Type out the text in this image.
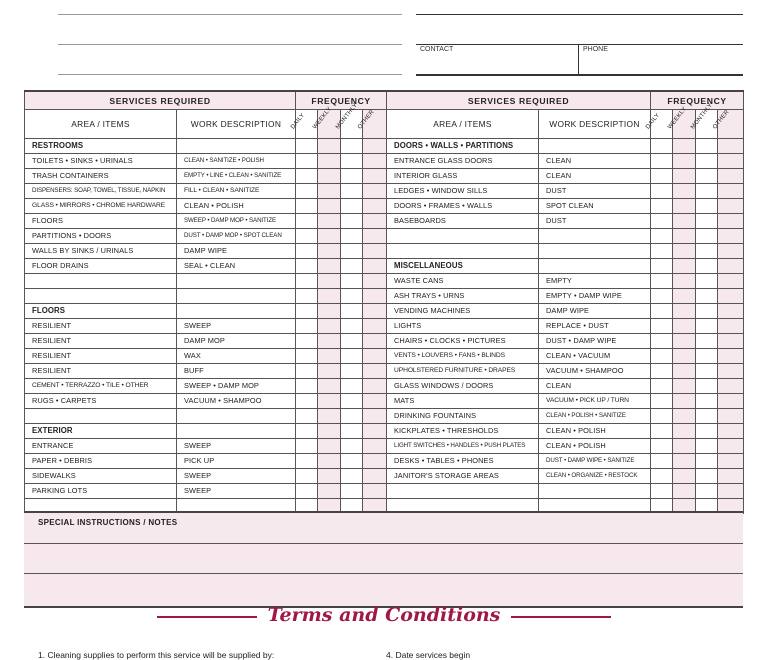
CONTACT	PHONE
SERVICES REQUIRED		FREQUENCY			
AREA / ITEMS	WORK DESCRIPTION	DAILY	WEEKLY	MONTHLY	OTHER

RESTROOMS					
TOILETS • SINKS • URINALS	CLEAN • SANITIZE • POLISH				
TRASH CONTAINERS	EMPTY • LINE • CLEAN • SANITIZE				
DISPENSERS: SOAP, TOWEL, TISSUE, NAPKIN	FILL • CLEAN • SANITIZE				
GLASS • MIRRORS • CHROME HARDWARE	CLEAN • POLISH				
FLOORS	SWEEP • DAMP MOP • SANITIZE				
PARTITIONS • DOORS	DUST • DAMP MOP • SPOT CLEAN				
WALLS BY SINKS / URINALS	DAMP WIPE				
FLOOR DRAINS	SEAL • CLEAN				

FLOORS					
RESILIENT	SWEEP				
RESILIENT	DAMP MOP				
RESILIENT	WAX				
RESILIENT	BUFF				
CEMENT • TERRAZZO • TILE • OTHER	SWEEP • DAMP MOP				
RUGS • CARPETS	VACUUM • SHAMPOO				

EXTERIOR					
ENTRANCE	SWEEP				
PAPER • DEBRIS	PICK UP				
SIDEWALKS	SWEEP				
PARKING LOTS	SWEEP				

SERVICES REQUIRED		FREQUENCY			
AREA / ITEMS	WORK DESCRIPTION	DAILY	WEEKLY	MONTHLY	OTHER

DOORS • WALLS • PARTITIONS					
ENTRANCE GLASS DOORS	CLEAN				
INTERIOR GLASS	CLEAN				
LEDGES • WINDOW SILLS	DUST				
DOORS • FRAMES • WALLS	SPOT CLEAN				
BASEBOARDS	DUST				

MISCELLANEOUS					
WASTE CANS	EMPTY				
ASH TRAYS • URNS	EMPTY • DAMP WIPE				
VENDING MACHINES	DAMP WIPE				
LIGHTS	REPLACE • DUST				
CHAIRS • CLOCKS • PICTURES	DUST • DAMP WIPE				
VENTS • LOUVERS • FANS • BLINDS	CLEAN • VACUUM				
UPHOLSTERED FURNITURE • DRAPES	VACUUM • SHAMPOO				
GLASS WINDOWS / DOORS	CLEAN				
MATS	VACUUM • PICK UP / TURN				
DRINKING FOUNTAINS	CLEAN • POLISH • SANITIZE				
KICKPLATES • THRESHOLDS	CLEAN • POLISH				
LIGHT SWITCHES • HANDLES • PUSH PLATES	CLEAN • POLISH				
DESKS • TABLES • PHONES	DUST • DAMP WIPE • SANITIZE				
JANITOR'S STORAGE AREAS	CLEAN • ORGANIZE • RESTOCK				

SPECIAL INSTRUCTIONS / NOTES
Terms and Conditions
1. Cleaning supplies to perform this service will be supplied by:	4. Date services begin
